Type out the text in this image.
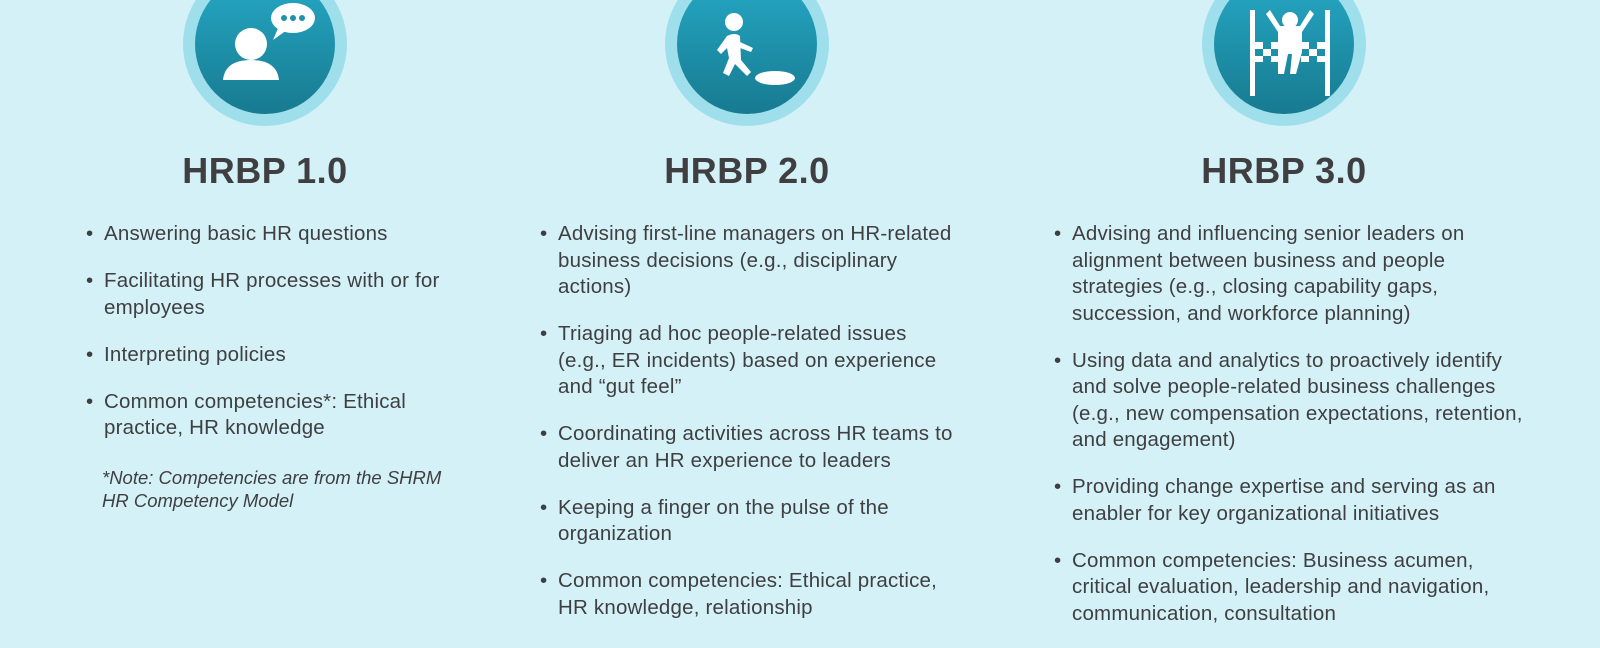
HRBP 1.0
• Answering basic HR questions
• Facilitating HR processes with or for employees
• Interpreting policies
• Common competencies*: Ethical practice, HR knowledge
*Note: Competencies are from the SHRM HR Competency Model
HRBP 2.0
• Advising first-line managers on HR-related business decisions (e.g., disciplinary actions)
• Triaging ad hoc people-related issues (e.g., ER incidents) based on experience and “gut feel”
• Coordinating activities across HR teams to deliver an HR experience to leaders
• Keeping a finger on the pulse of the organization
• Common competencies: Ethical practice, HR knowledge, relationship
HRBP 3.0
• Advising and influencing senior leaders on alignment between business and people strategies (e.g., closing capability gaps, succession, and workforce planning)
• Using data and analytics to proactively identify and solve people-related business challenges (e.g., new compensation expectations, retention, and engagement)
• Providing change expertise and serving as an enabler for key organizational initiatives
• Common competencies: Business acumen, critical evaluation, leadership and navigation, communication, consultation
